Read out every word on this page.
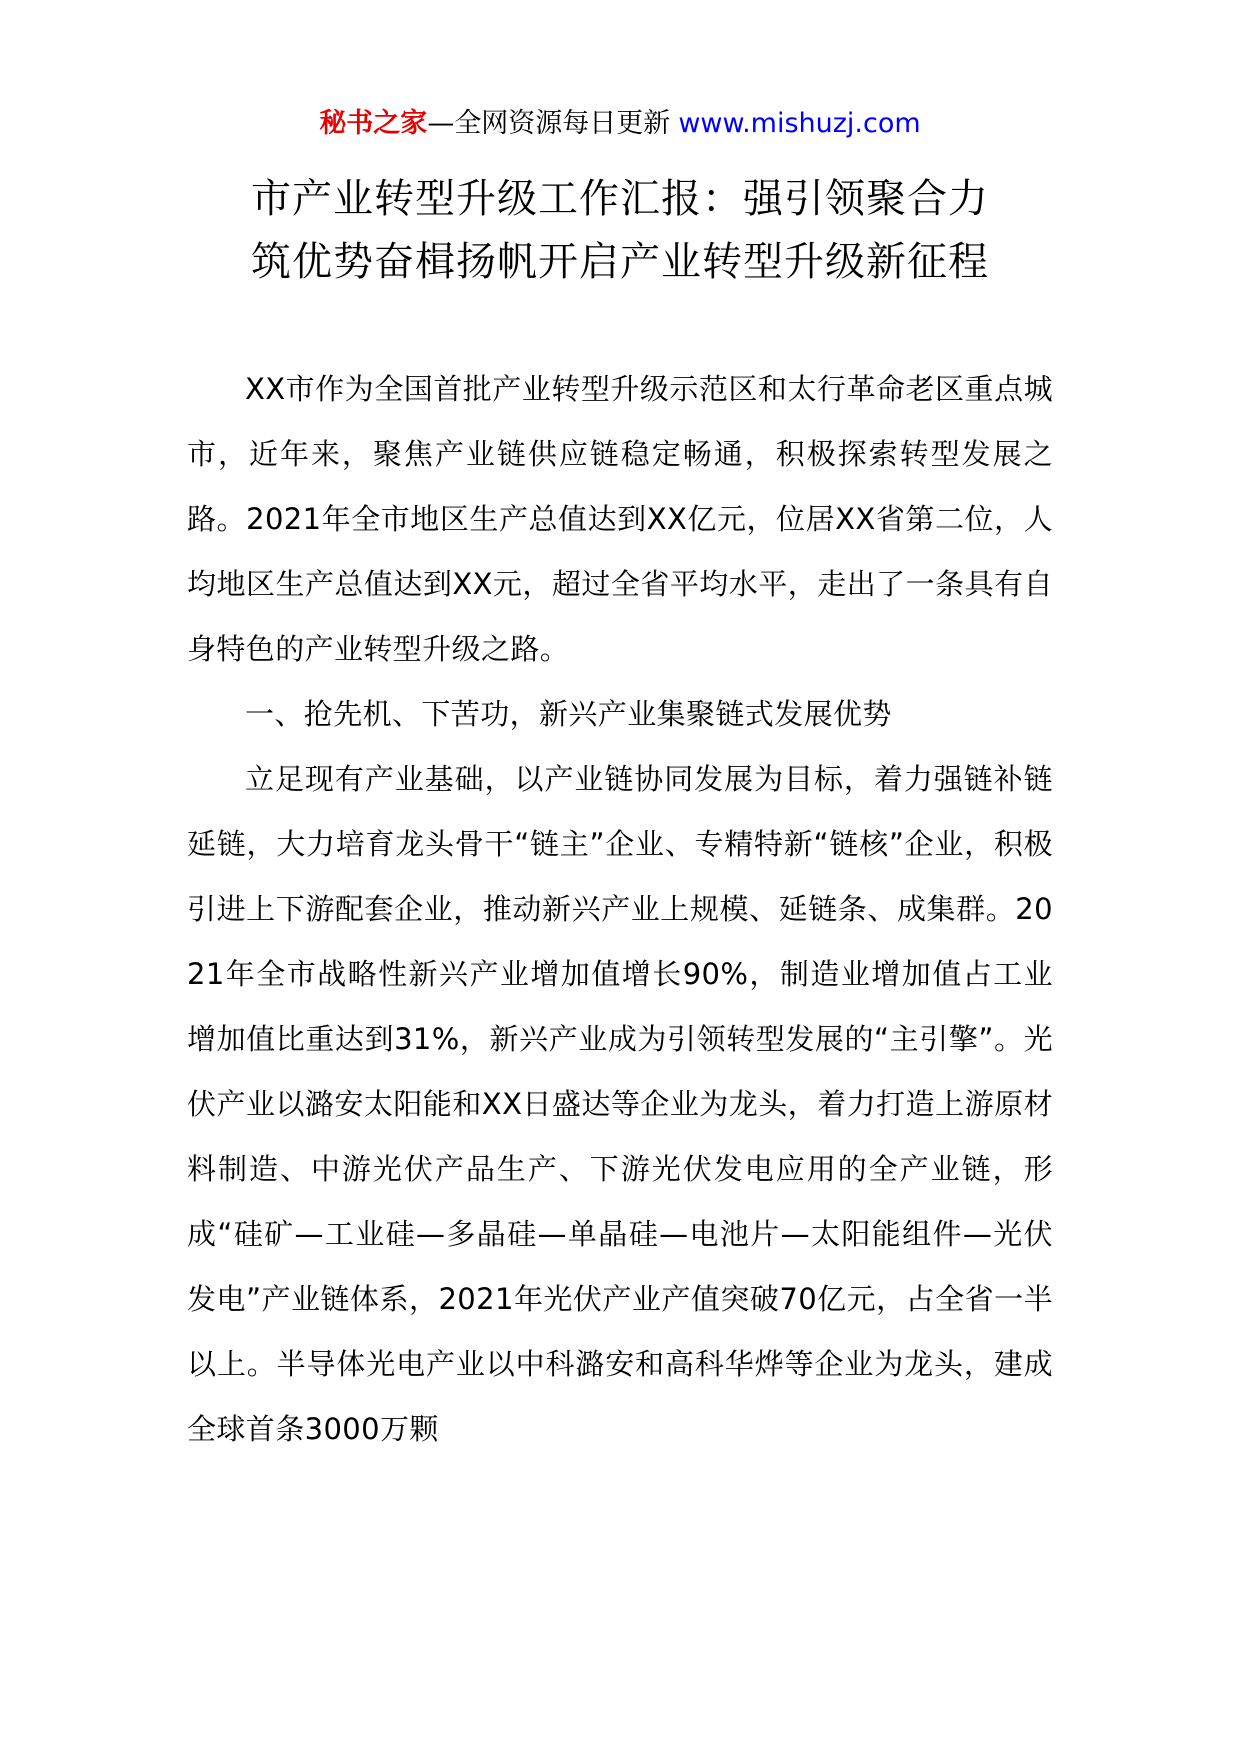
秘书之家—全网资源每日更新 www.mishuzj.com
市产业转型升级工作汇报：强引领聚合力
筑优势奋楫扬帆开启产业转型升级新征程

XX市作为全国首批产业转型升级示范区和太行革命老区重点城市，近年来，聚焦产业链供应链稳定畅通，积极探索转型发展之路。2021年全市地区生产总值达到XX亿元，位居XX省第二位，人均地区生产总值达到XX元，超过全省平均水平，走出了一条具有自身特色的产业转型升级之路。

一、抢先机、下苦功，新兴产业集聚链式发展优势

立足现有产业基础，以产业链协同发展为目标，着力强链补链延链，大力培育龙头骨干“链主”企业、专精特新“链核”企业，积极引进上下游配套企业，推动新兴产业上规模、延链条、成集群。2021年全市战略性新兴产业增加值增长90%，制造业增加值占工业增加值比重达到31%，新兴产业成为引领转型发展的“主引擎”。光伏产业以潞安太阳能和XX日盛达等企业为龙头，着力打造上游原材料制造、中游光伏产品生产、下游光伏发电应用的全产业链，形成“硅矿—工业硅—多晶硅—单晶硅—电池片—太阳能组件—光伏发电”产业链体系，2021年光伏产业产值突破70亿元，占全省一半以上。半导体光电产业以中科潞安和高科华烨等企业为龙头，建成全球首条3000万颗
